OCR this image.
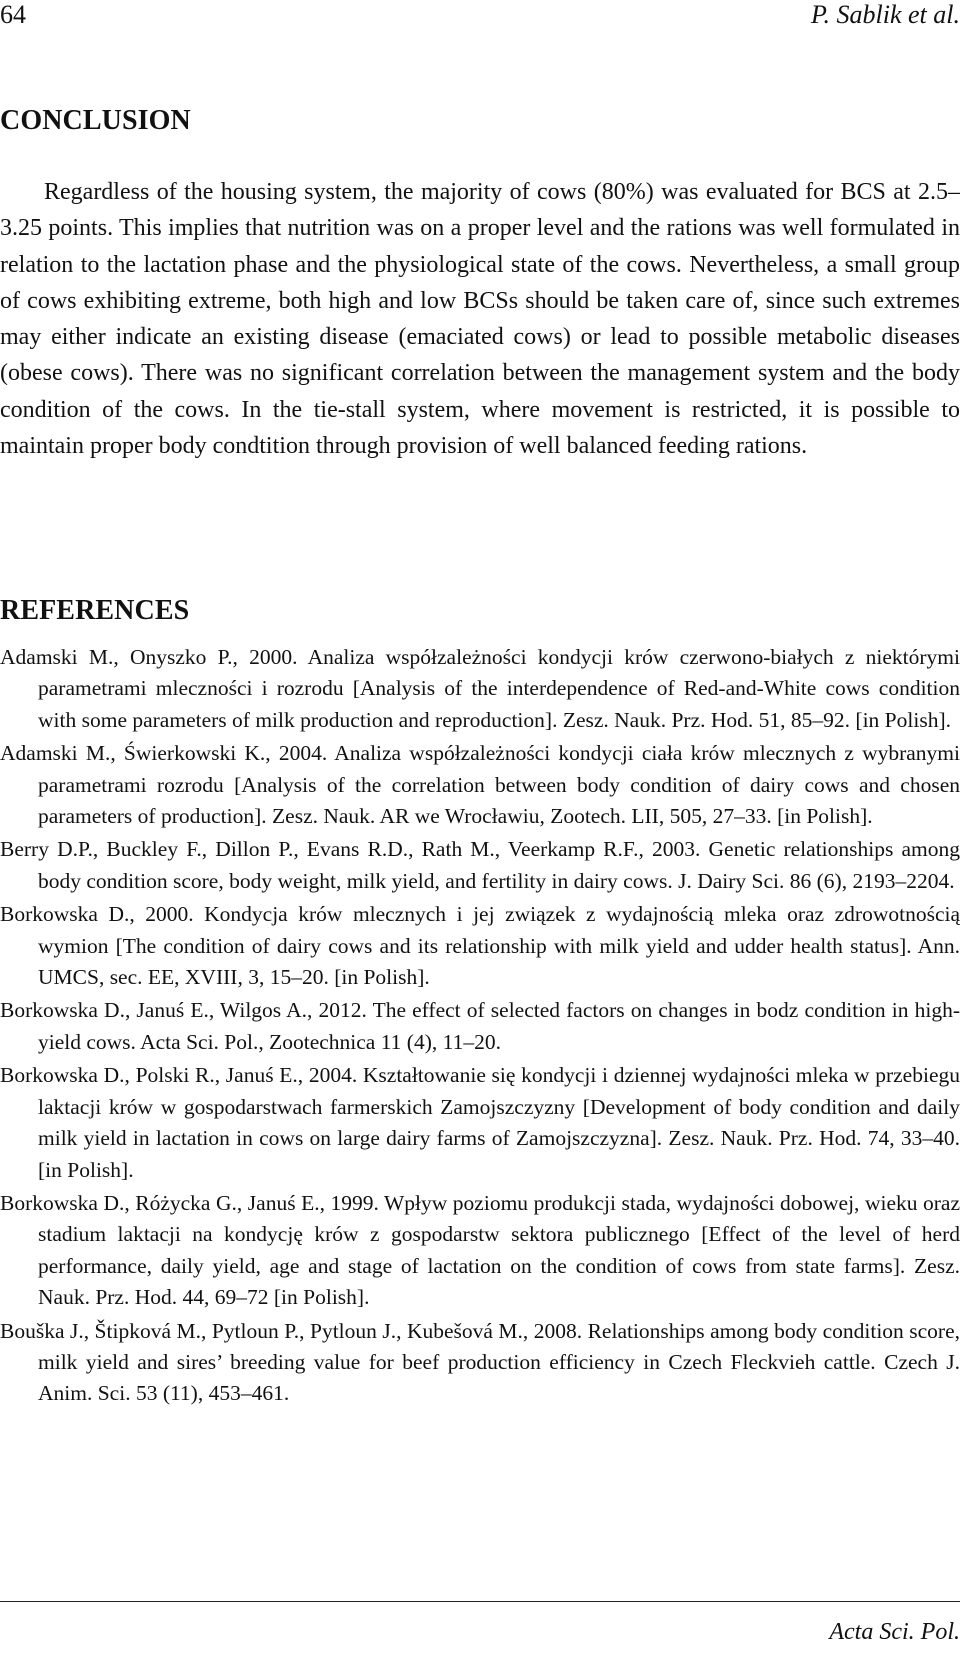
64	P. Sablik et al.
CONCLUSION

Regardless of the housing system, the majority of cows (80%) was evaluated for BCS at 2.5–3.25 points. This implies that nutrition was on a proper level and the rations was well formulated in relation to the lactation phase and the physiological state of the cows. Nevertheless, a small group of cows exhibiting extreme, both high and low BCSs should be taken care of, since such extremes may either indicate an existing disease (emaciated cows) or lead to possible metabolic diseases (obese cows). There was no significant correlation between the management system and the body condition of the cows. In the tie-stall system, where movement is restricted, it is possible to maintain proper body condtition through provision of well balanced feeding rations.

REFERENCES
Adamski M., Onyszko P., 2000. Analiza współzależności kondycji krów czerwono-białych z niektórymi parametrami mleczności i rozrodu [Analysis of the interdependence of Red-and-White cows condition with some parameters of milk production and reproduction]. Zesz. Nauk. Prz. Hod. 51, 85–92. [in Polish].
Adamski M., Świerkowski K., 2004. Analiza współzależności kondycji ciała krów mlecznych z wybranymi parametrami rozrodu [Analysis of the correlation between body condition of dairy cows and chosen parameters of production]. Zesz. Nauk. AR we Wrocławiu, Zootech. LII, 505, 27–33. [in Polish].
Berry D.P., Buckley F., Dillon P., Evans R.D., Rath M., Veerkamp R.F., 2003. Genetic relationships among body condition score, body weight, milk yield, and fertility in dairy cows. J. Dairy Sci. 86 (6), 2193–2204.
Borkowska D., 2000. Kondycja krów mlecznych i jej związek z wydajnością mleka oraz zdrowotnością wymion [The condition of dairy cows and its relationship with milk yield and udder health status]. Ann. UMCS, sec. EE, XVIII, 3, 15–20. [in Polish].
Borkowska D., Januś E., Wilgos A., 2012. The effect of selected factors on changes in bodz condition in high-yield cows. Acta Sci. Pol., Zootechnica 11 (4), 11–20.
Borkowska D., Polski R., Januś E., 2004. Kształtowanie się kondycji i dziennej wydajności mleka w przebiegu laktacji krów w gospodarstwach farmerskich Zamojszczyzny [Development of body condition and daily milk yield in lactation in cows on large dairy farms of Zamojszczyzna]. Zesz. Nauk. Prz. Hod. 74, 33–40. [in Polish].
Borkowska D., Różycka G., Januś E., 1999. Wpływ poziomu produkcji stada, wydajności dobowej, wieku oraz stadium laktacji na kondycję krów z gospodarstw sektora publicznego [Effect of the level of herd performance, daily yield, age and stage of lactation on the condition of cows from state farms]. Zesz. Nauk. Prz. Hod. 44, 69–72 [in Polish].
Bouška J., Štipková M., Pytloun P., Pytloun J., Kubešová M., 2008. Relationships among body condition score, milk yield and sires’ breeding value for beef production efficiency in Czech Fleckvieh cattle. Czech J. Anim. Sci. 53 (11), 453–461.
Acta Sci. Pol.
